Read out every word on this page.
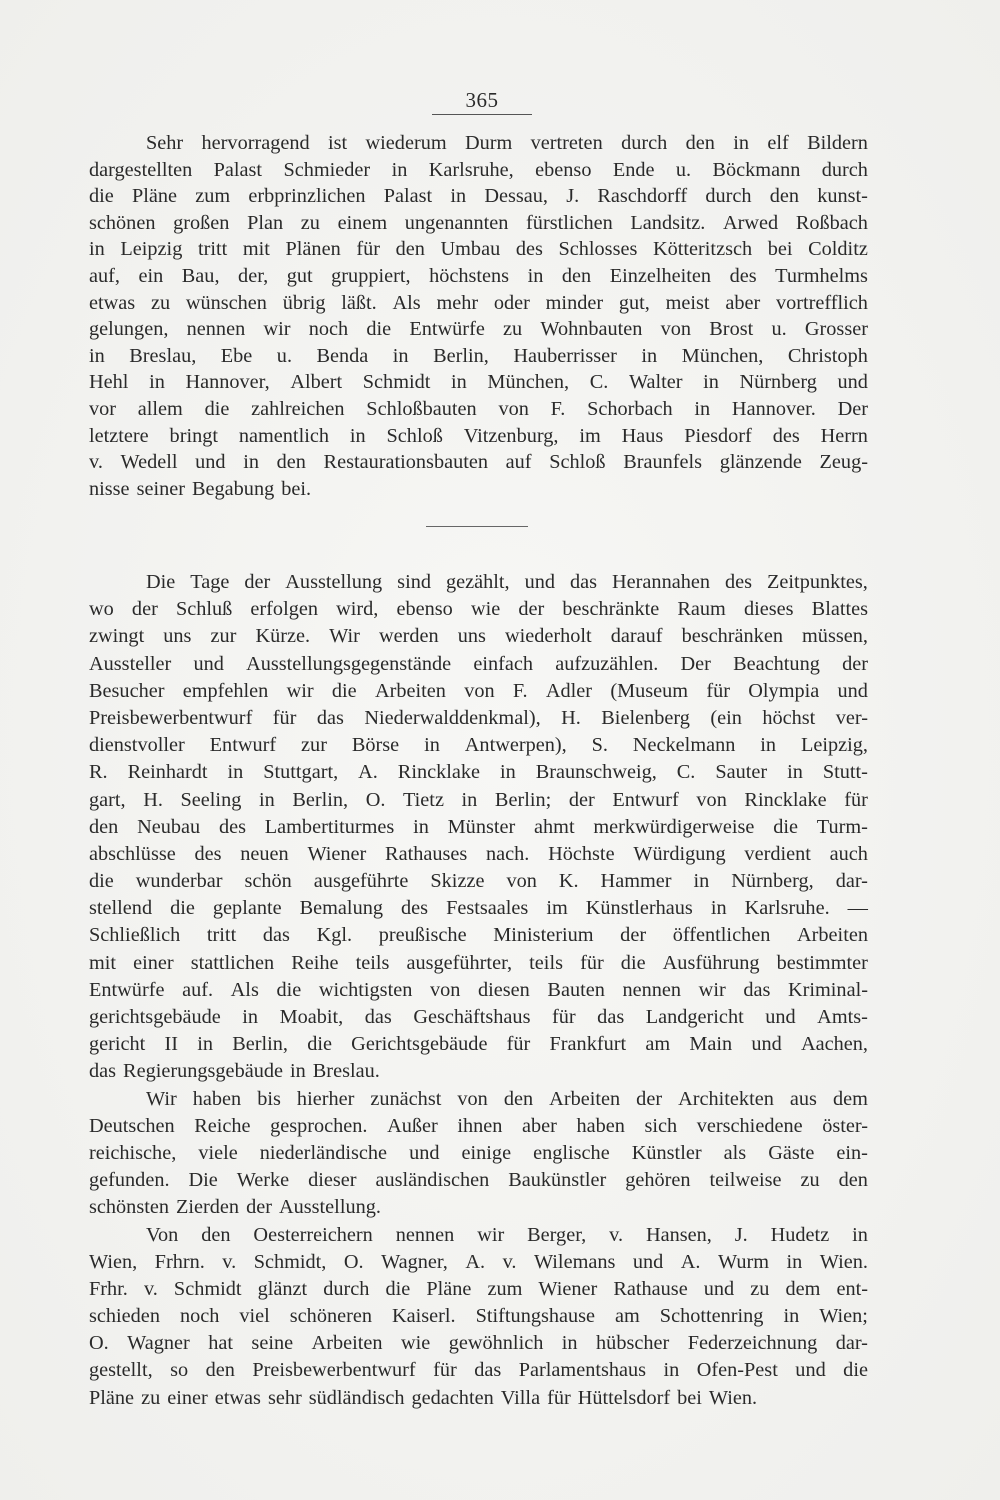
365
Sehr hervorragend ist wiederum Durm vertreten durch den in elf Bildern
dargestellten Palast Schmieder in Karlsruhe, ebenso Ende u. Böckmann durch
die Pläne zum erbprinzlichen Palast in Dessau, J. Raschdorff durch den kunst-
schönen großen Plan zu einem ungenannten fürstlichen Landsitz. Arwed Roßbach
in Leipzig tritt mit Plänen für den Umbau des Schlosses Kötteritzsch bei Colditz
auf, ein Bau, der, gut gruppiert, höchstens in den Einzelheiten des Turmhelms
etwas zu wünschen übrig läßt. Als mehr oder minder gut, meist aber vortrefflich
gelungen, nennen wir noch die Entwürfe zu Wohnbauten von Brost u. Grosser
in Breslau, Ebe u. Benda in Berlin, Hauberrisser in München, Christoph
Hehl in Hannover, Albert Schmidt in München, C. Walter in Nürnberg und
vor allem die zahlreichen Schloßbauten von F. Schorbach in Hannover. Der
letztere bringt namentlich in Schloß Vitzenburg, im Haus Piesdorf des Herrn
v. Wedell und in den Restaurationsbauten auf Schloß Braunfels glänzende Zeug-
nisse seiner Begabung bei.
Die Tage der Ausstellung sind gezählt, und das Herannahen des Zeitpunktes,
wo der Schluß erfolgen wird, ebenso wie der beschränkte Raum dieses Blattes
zwingt uns zur Kürze. Wir werden uns wiederholt darauf beschränken müssen,
Aussteller und Ausstellungsgegenstände einfach aufzuzählen. Der Beachtung der
Besucher empfehlen wir die Arbeiten von F. Adler (Museum für Olympia und
Preisbewerbentwurf für das Niederwalddenkmal), H. Bielenberg (ein höchst ver-
dienstvoller Entwurf zur Börse in Antwerpen), S. Neckelmann in Leipzig,
R. Reinhardt in Stuttgart, A. Rincklake in Braunschweig, C. Sauter in Stutt-
gart, H. Seeling in Berlin, O. Tietz in Berlin; der Entwurf von Rincklake für
den Neubau des Lambertiturmes in Münster ahmt merkwürdigerweise die Turm-
abschlüsse des neuen Wiener Rathauses nach. Höchste Würdigung verdient auch
die wunderbar schön ausgeführte Skizze von K. Hammer in Nürnberg, dar-
stellend die geplante Bemalung des Festsaales im Künstlerhaus in Karlsruhe. —
Schließlich tritt das Kgl. preußische Ministerium der öffentlichen Arbeiten
mit einer stattlichen Reihe teils ausgeführter, teils für die Ausführung bestimmter
Entwürfe auf. Als die wichtigsten von diesen Bauten nennen wir das Kriminal-
gerichtsgebäude in Moabit, das Geschäftshaus für das Landgericht und Amts-
gericht II in Berlin, die Gerichtsgebäude für Frankfurt am Main und Aachen,
das Regierungsgebäude in Breslau.
Wir haben bis hierher zunächst von den Arbeiten der Architekten aus dem
Deutschen Reiche gesprochen. Außer ihnen aber haben sich verschiedene öster-
reichische, viele niederländische und einige englische Künstler als Gäste ein-
gefunden. Die Werke dieser ausländischen Baukünstler gehören teilweise zu den
schönsten Zierden der Ausstellung.
Von den Oesterreichern nennen wir Berger, v. Hansen, J. Hudetz in
Wien, Frhrn. v. Schmidt, O. Wagner, A. v. Wilemans und A. Wurm in Wien.
Frhr. v. Schmidt glänzt durch die Pläne zum Wiener Rathause und zu dem ent-
schieden noch viel schöneren Kaiserl. Stiftungshause am Schottenring in Wien;
O. Wagner hat seine Arbeiten wie gewöhnlich in hübscher Federzeichnung dar-
gestellt, so den Preisbewerbentwurf für das Parlamentshaus in Ofen-Pest und die
Pläne zu einer etwas sehr südländisch gedachten Villa für Hüttelsdorf bei Wien.
